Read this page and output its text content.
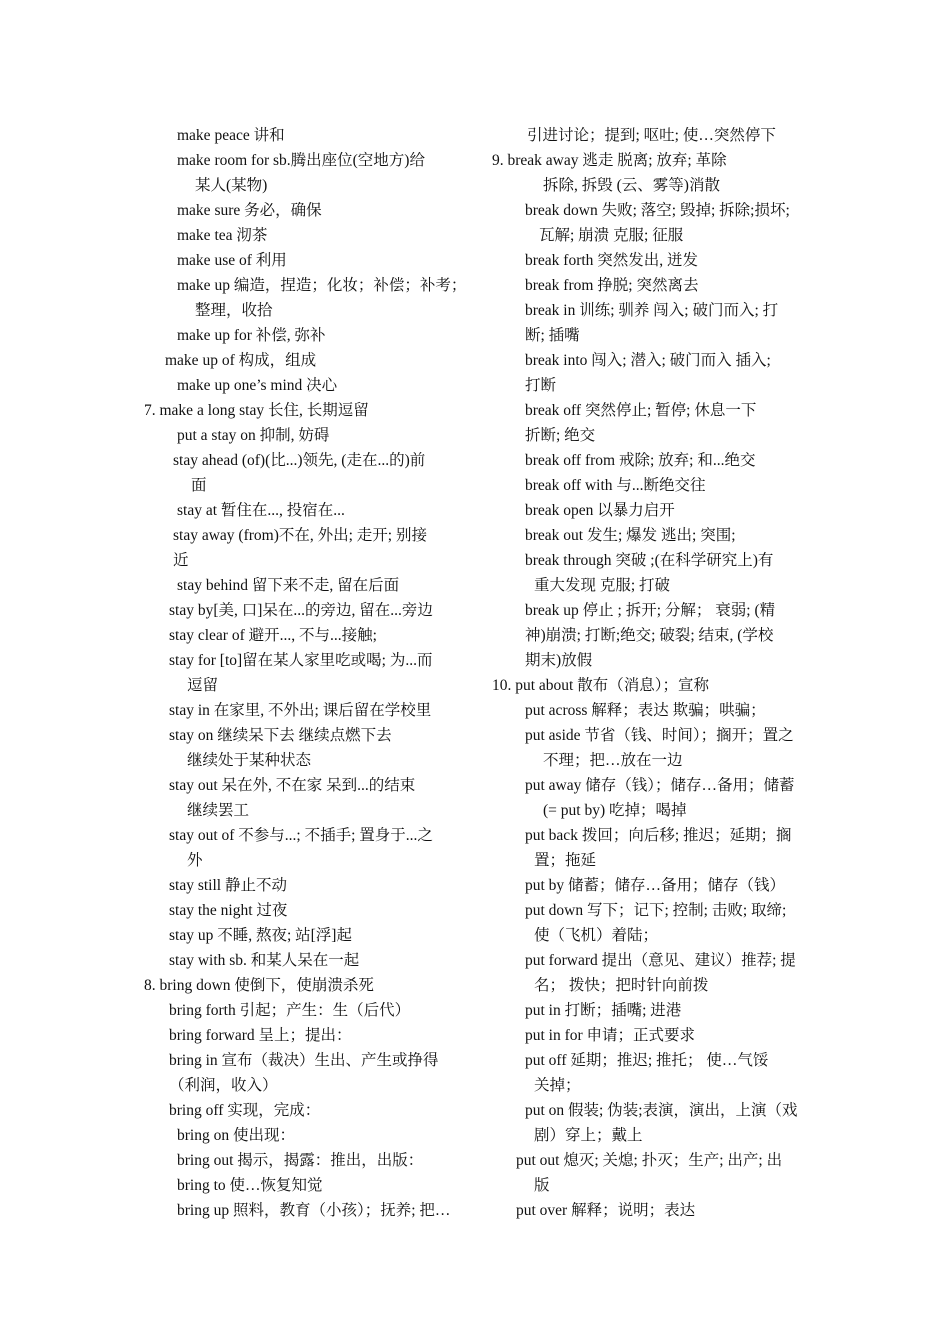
make peace 讲和
make room for sb.腾出座位(空地方)给
某人(某物)
make sure 务必，确保
make tea 沏茶
make use of 利用
make up 编造，捏造；化妆；补偿；补考；
整理，收拾
make up for 补偿, 弥补
make up of 构成，组成
make up one’s mind 决心
7. make a long stay 长住, 长期逗留
put a stay on 抑制, 妨碍
stay ahead (of)(比...)领先, (走在...的)前
面
stay at 暂住在..., 投宿在...
stay away (from)不在, 外出; 走开; 别接
近
stay behind 留下来不走, 留在后面
stay by[美, 口]呆在...的旁边, 留在...旁边
stay clear of 避开..., 不与...接触;
stay for [to]留在某人家里吃或喝; 为...而
逗留
stay in 在家里, 不外出; 课后留在学校里
stay on 继续呆下去 继续点燃下去
继续处于某种状态
stay out 呆在外, 不在家 呆到...的结束
继续罢工
stay out of 不参与...; 不插手; 置身于...之
外
stay still 静止不动
stay the night 过夜
stay up 不睡, 熬夜; 站[浮]起
stay with sb. 和某人呆在一起
8. bring down 使倒下，使崩溃杀死
bring forth 引起；产生：生（后代）
bring forward 呈上；提出：
bring in 宣布（裁决）生出、产生或挣得
（利润，收入）
bring off 实现，完成：
bring on 使出现：
bring out 揭示，揭露：推出，出版：
bring to 使…恢复知觉
bring up 照料，教育（小孩）；抚养; 把…
引进讨论；提到; 呕吐; 使…突然停下
9. break away 逃走 脱离; 放弃; 革除
拆除, 拆毁 (云、雾等)消散
break down 失败; 落空; 毁掉; 拆除;损坏;
瓦解; 崩溃 克服; 征服
break forth 突然发出, 迸发
break from 挣脱; 突然离去
break in 训练; 驯养 闯入; 破门而入; 打
断; 插嘴
break into 闯入; 潜入; 破门而入 插入;
打断
break off 突然停止; 暂停; 休息一下
折断; 绝交
break off from 戒除; 放弃; 和...绝交
break off with 与...断绝交往
break open 以暴力启开
break out 发生; 爆发 逃出; 突围;
break through 突破 ;(在科学研究上)有
重大发现 克服; 打破
break up 停止 ; 拆开; 分解； 衰弱; (精
神)崩溃; 打断;绝交; 破裂; 结束, (学校
期末)放假
10. put about 散布（消息）；宣称
put across 解释；表达 欺骗；哄骗；
put aside 节省（钱、时间）；搁开；置之
不理；把…放在一边
put away 储存（钱）；储存…备用；储蓄
(= put by) 吃掉；喝掉
put back 拨回；向后移; 推迟；延期；搁
置；拖延
put by 储蓄；储存…备用；储存（钱）
put down 写下；记下; 控制; 击败; 取缔;
使（飞机）着陆；
put forward 提出（意见、建议）推荐; 提
名； 拨快；把时针向前拨
put in 打断；插嘴; 进港
put in for 申请；正式要求
put off 延期；推迟; 推托； 使…气馁
关掉；
put on 假装; 伪装;表演，演出，上演（戏
剧）穿上；戴上
put out 熄灭; 关熄; 扑灭；生产; 出产; 出
版
put over 解释；说明；表达
